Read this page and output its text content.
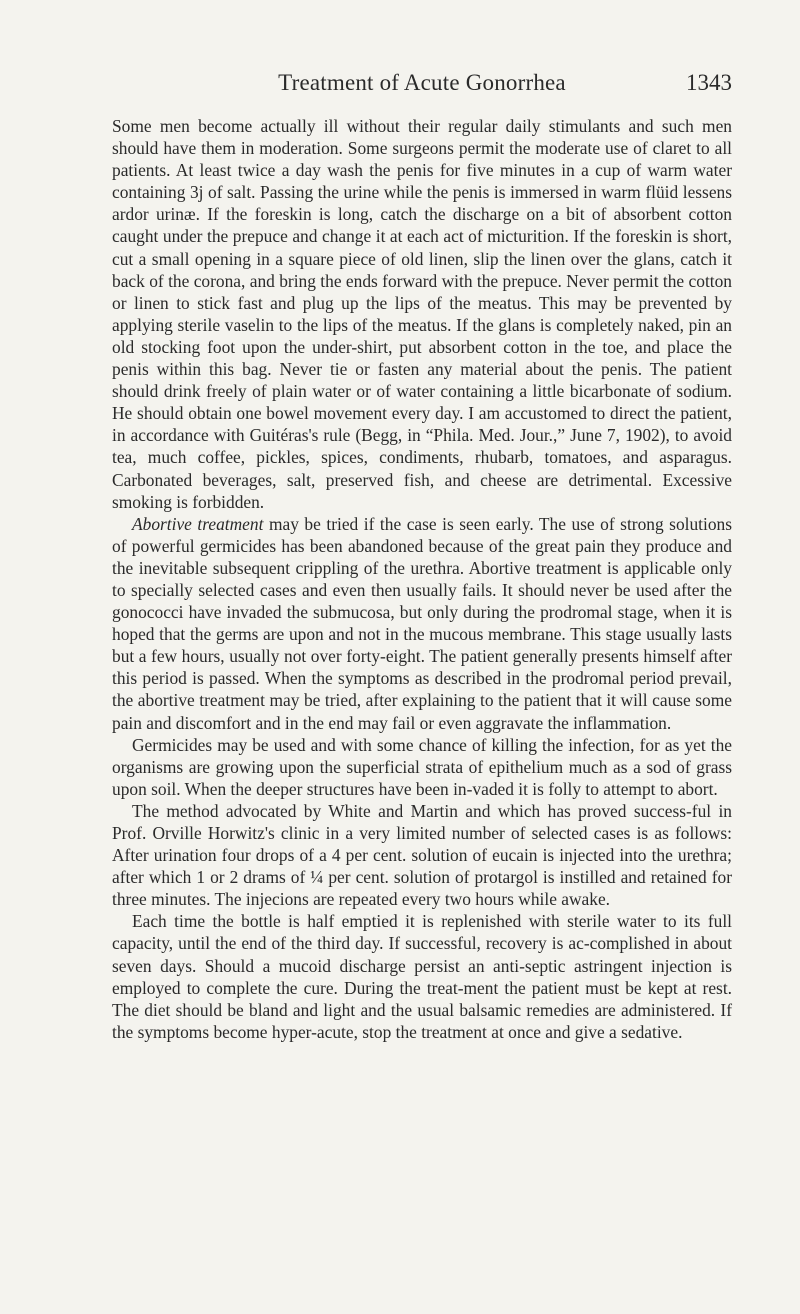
Treatment of Acute Gonorrhea	1343

Some men become actually ill without their regular daily stimulants and such men should have them in moderation. Some surgeons permit the moderate use of claret to all patients. At least twice a day wash the penis for five minutes in a cup of warm water containing 3j of salt. Passing the urine while the penis is immersed in warm flüid lessens ardor urinæ. If the foreskin is long, catch the discharge on a bit of absorbent cotton caught under the prepuce and change it at each act of micturition. If the foreskin is short, cut a small opening in a square piece of old linen, slip the linen over the glans, catch it back of the corona, and bring the ends forward with the prepuce. Never permit the cotton or linen to stick fast and plug up the lips of the meatus. This may be prevented by applying sterile vaselin to the lips of the meatus. If the glans is completely naked, pin an old stocking foot upon the under-shirt, put absorbent cotton in the toe, and place the penis within this bag. Never tie or fasten any material about the penis. The patient should drink freely of plain water or of water containing a little bicarbonate of sodium. He should obtain one bowel movement every day. I am accustomed to direct the patient, in accordance with Guitéras's rule (Begg, in “Phila. Med. Jour.,” June 7, 1902), to avoid tea, much coffee, pickles, spices, condiments, rhubarb, tomatoes, and asparagus. Carbonated beverages, salt, preserved fish, and cheese are detrimental. Excessive smoking is forbidden.

Abortive treatment may be tried if the case is seen early. The use of strong solutions of powerful germicides has been abandoned because of the great pain they produce and the inevitable subsequent crippling of the urethra. Abortive treatment is applicable only to specially selected cases and even then usually fails. It should never be used after the gonococci have invaded the submucosa, but only during the prodromal stage, when it is hoped that the germs are upon and not in the mucous membrane. This stage usually lasts but a few hours, usually not over forty-eight. The patient generally presents himself after this period is passed. When the symptoms as described in the prodromal period prevail, the abortive treatment may be tried, after explaining to the patient that it will cause some pain and discomfort and in the end may fail or even aggravate the inflammation.

Germicides may be used and with some chance of killing the infection, for as yet the organisms are growing upon the superficial strata of epithelium much as a sod of grass upon soil. When the deeper structures have been in-vaded it is folly to attempt to abort.

The method advocated by White and Martin and which has proved success-ful in Prof. Orville Horwitz's clinic in a very limited number of selected cases is as follows: After urination four drops of a 4 per cent. solution of eucain is injected into the urethra; after which 1 or 2 drams of ¼ per cent. solution of protargol is instilled and retained for three minutes. The injecions are repeated every two hours while awake.

Each time the bottle is half emptied it is replenished with sterile water to its full capacity, until the end of the third day. If successful, recovery is ac-complished in about seven days. Should a mucoid discharge persist an anti-septic astringent injection is employed to complete the cure. During the treat-ment the patient must be kept at rest. The diet should be bland and light and the usual balsamic remedies are administered. If the symptoms become hyper-acute, stop the treatment at once and give a sedative.
